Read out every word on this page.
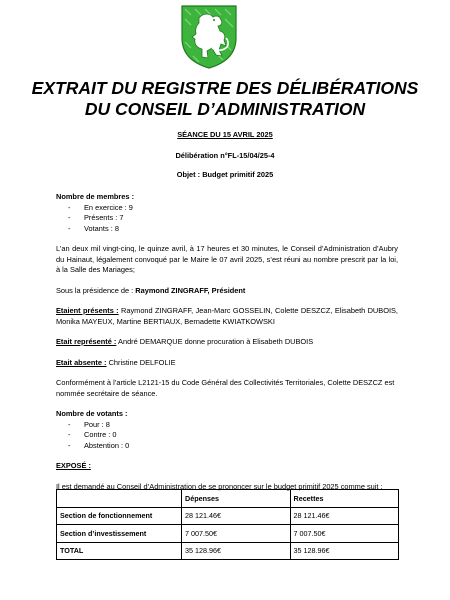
EXTRAIT DU REGISTRE DES DÉLIBÉRATIONS
DU CONSEIL D’ADMINISTRATION
SÉANCE DU 15 AVRIL 2025
Délibération n°FL-15/04/25-4
Objet : Budget primitif 2025

Nombre de membres :

- En exercice : 9
- Présents : 7
- Votants : 8

L’an deux mil vingt-cinq, le quinze avril, à 17 heures et 30 minutes, le Conseil d’Administration d’Aubry du Hainaut, légalement convoqué par le Maire le 07 avril 2025, s’est réuni au nombre prescrit par la loi, à la Salle des Mariages;

Sous la présidence de : Raymond ZINGRAFF, Président

Etaient présents : Raymond ZINGRAFF, Jean-Marc GOSSELIN, Colette DESZCZ, Elisabeth DUBOIS, Monika MAYEUX, Martine BERTIAUX, Bernadette KWIATKOWSKI

Etait représenté : André DEMARQUE donne procuration à Elisabeth DUBOIS

Etait absente : Christine DELFOLIE

Conformément à l’article L2121-15 du Code Général des Collectivités Territoriales, Colette DESZCZ est nommée secrétaire de séance.

Nombre de votants :

- Pour : 8
- Contre : 0
- Abstention : 0

EXPOSÉ :

Il est demandé au Conseil d’Administration de se prononcer sur le budget primitif 2025 comme suit :

	Dépenses	Recettes
Section de fonctionnement	28 121.46€	28 121.46€
Section d’investissement	7 007.50€	7 007.50€
TOTAL	35 128.96€	35 128.96€
